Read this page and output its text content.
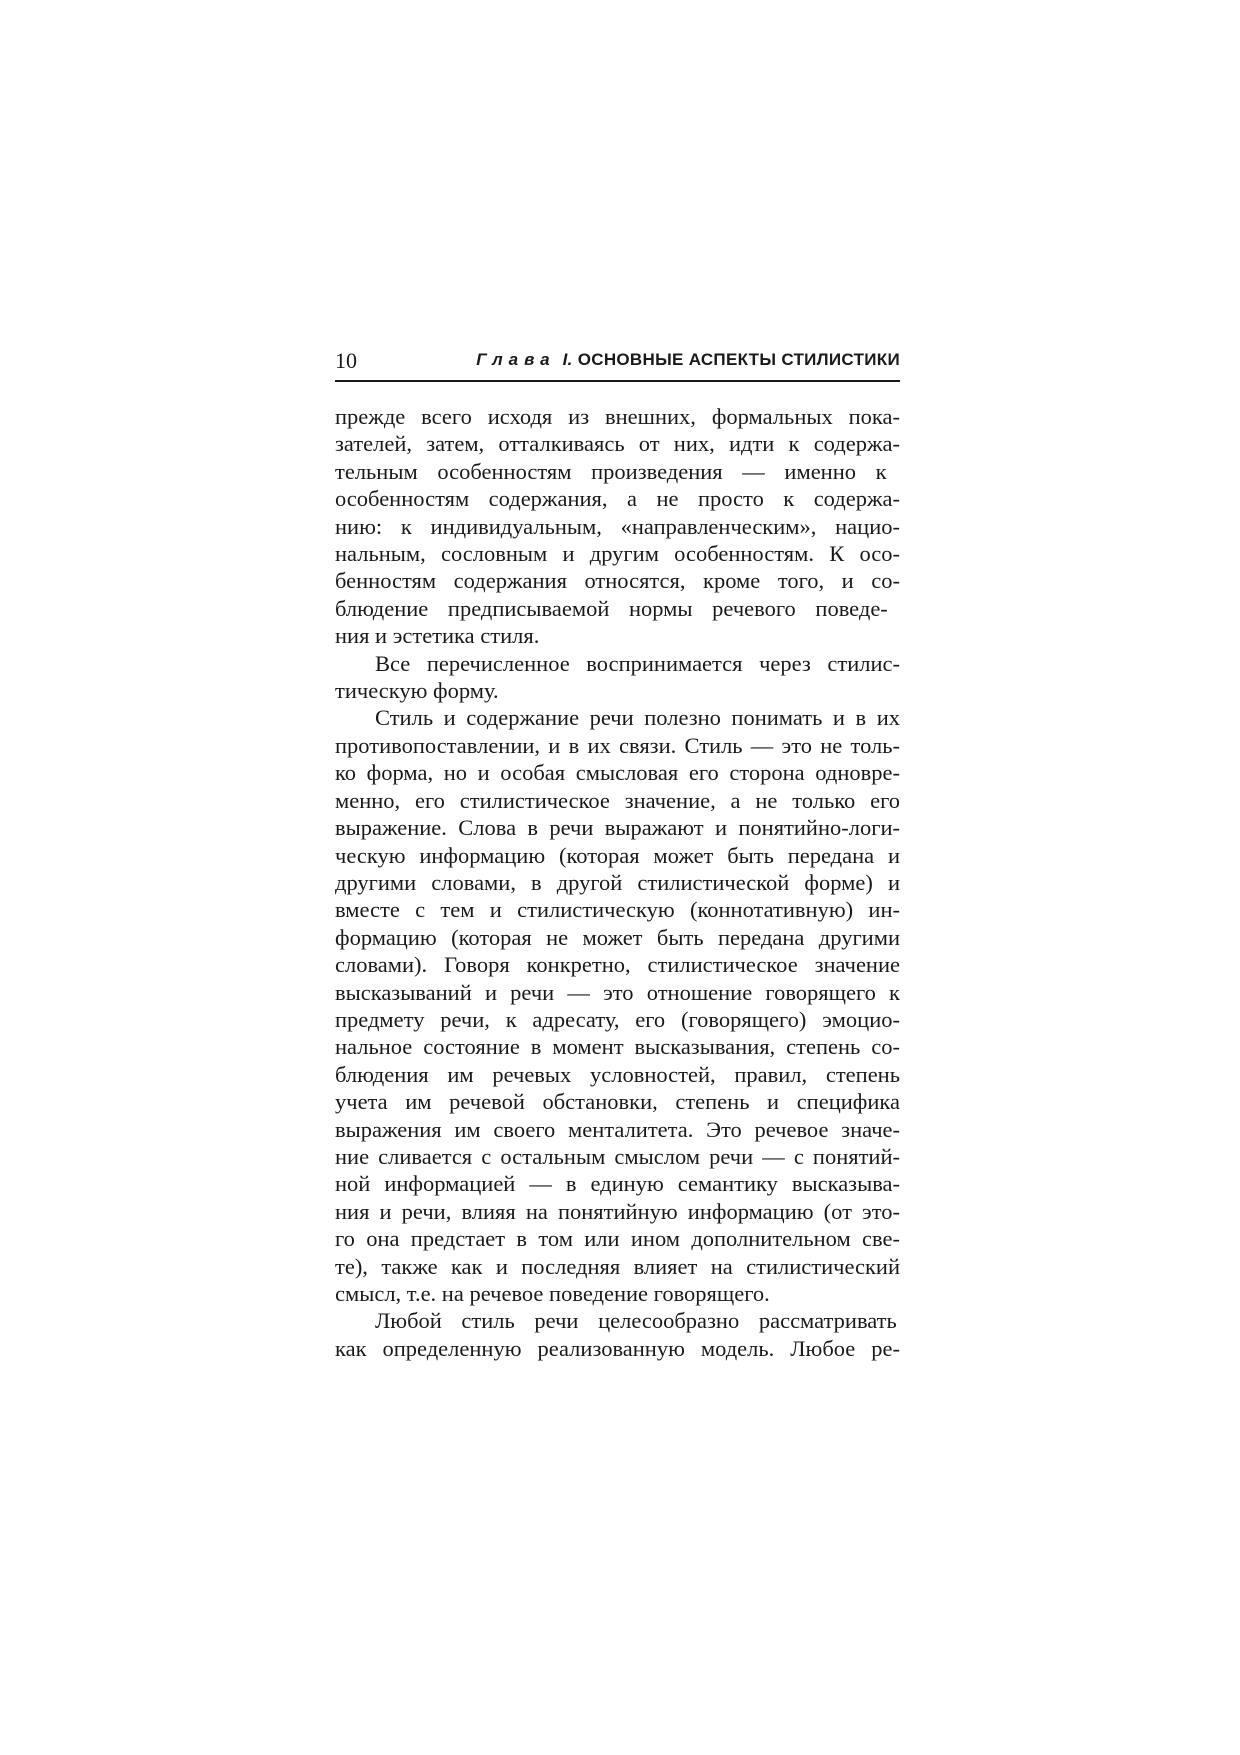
10	Глава I. ОСНОВНЫЕ АСПЕКТЫ СТИЛИСТИКИ
прежде всего исходя из внешних, формальных пока-
зателей, затем, отталкиваясь от них, идти к содержа-
тельным особенностям произведения — именно к
особенностям содержания, а не просто к содержа-
нию: к индивидуальным, «направленческим», нацио-
нальным, сословным и другим особенностям. К осо-
бенностям содержания относятся, кроме того, и со-
блюдение предписываемой нормы речевого поведе-
ния и эстетика стиля.
Все перечисленное воспринимается через стилис-
тическую форму.
Стиль и содержание речи полезно понимать и в их
противопоставлении, и в их связи. Стиль — это не толь-
ко форма, но и особая смысловая его сторона одновре-
менно, его стилистическое значение, а не только его
выражение. Слова в речи выражают и понятийно-логи-
ческую информацию (которая может быть передана и
другими словами, в другой стилистической форме) и
вместе с тем и стилистическую (коннотативную) ин-
формацию (которая не может быть передана другими
словами). Говоря конкретно, стилистическое значение
высказываний и речи — это отношение говорящего к
предмету речи, к адресату, его (говорящего) эмоцио-
нальное состояние в момент высказывания, степень со-
блюдения им речевых условностей, правил, степень
учета им речевой обстановки, степень и специфика
выражения им своего менталитета. Это речевое значе-
ние сливается с остальным смыслом речи — с понятий-
ной информацией — в единую семантику высказыва-
ния и речи, влияя на понятийную информацию (от это-
го она предстает в том или ином дополнительном све-
те), также как и последняя влияет на стилистический
смысл, т.е. на речевое поведение говорящего.
Любой стиль речи целесообразно рассматривать
как определенную реализованную модель. Любое ре-
